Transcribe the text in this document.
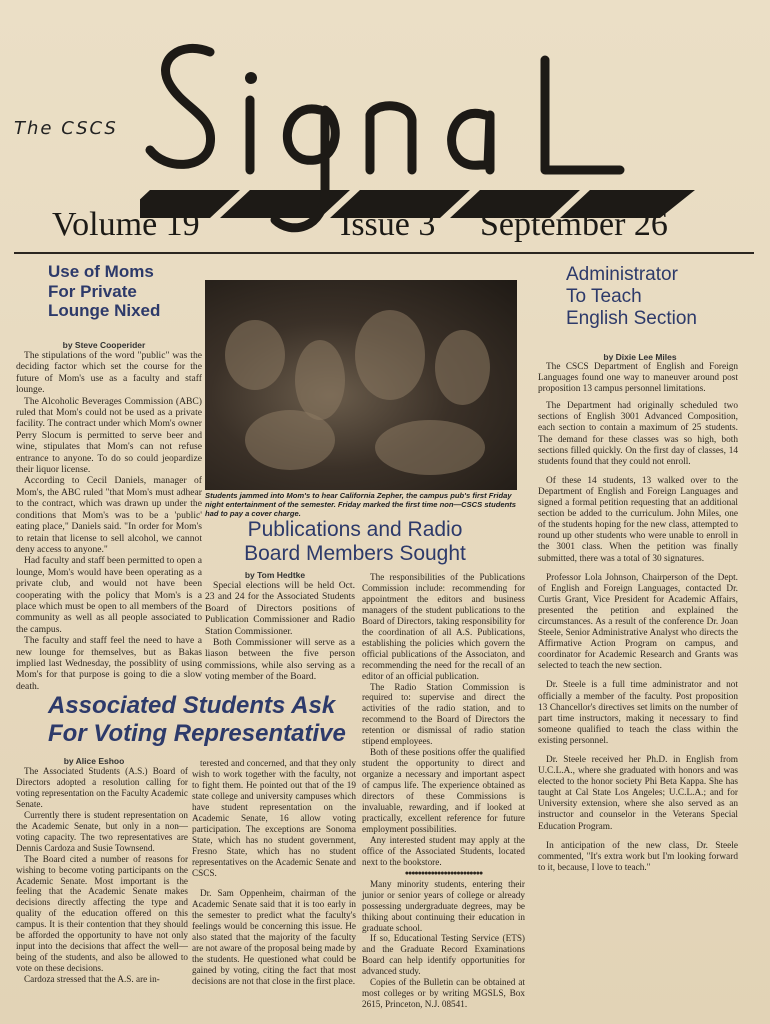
The CSCS
Volume 19	Issue 3 September 26
Use of Moms
For Private
Lounge Nixed
by Steve Cooperider

The stipulations of the word "public" was the deciding factor which set the course for the future of Mom's use as a faculty and staff lounge.

The Alcoholic Beverages Commission (ABC) ruled that Mom's could not be used as a private facility. The contract under which Mom's owner Perry Slocum is permitted to serve beer and wine, stipulates that Mom's can not refuse entrance to anyone. To do so could jeopardize their liquor license.

According to Cecil Daniels, manager of Mom's, the ABC ruled "that Mom's must adhear to the contract, which was drawn up under the conditions that Mom's was to be a 'public' eating place," Daniels said. "In order for Mom's to retain that license to sell alcohol, we cannot deny access to anyone."

Had faculty and staff been permitted to open a lounge, Mom's would have been operating as a private club, and would not have been cooperating with the policy that Mom's is a place which must be open to all members of the community as well as all people associated to the campus.

The faculty and staff feel the need to have a new lounge for themselves, but as Bakas implied last Wednesday, the possiblity of using Mom's for that purpose is going to die a slow death.

Students jammed into Mom's to hear California Zepher, the campus pub's first Friday night entertainment of the semester. Friday marked the first time non—CSCS students had to pay a cover charge.
Publications and Radio
Board Members Sought
by Tom Hedtke

Special elections will be held Oct. 23 and 24 for the Associated Students Board of Directors positions of Publication Commissioner and Radio Station Commissioner.

Both Commissioner will serve as a liason between the five person commissions, while also serving as a voting member of the Board.

The responsibilities of the Publications Commission include: recommending for appointment the editors and business managers of the student publications to the Board of Directors, taking responsibility for the coordination of all A.S. Publications, establishing the policies which govern the official publications of the Associaton, and recommending the need for the recall of an editor of an official publication.

The Radio Station Commission is required to: supervise and direct the activities of the radio station, and to recommend to the Board of Directors the retention or dismissal of radio station stipend employees.

Both of these positions offer the qualified student the opportunity to direct and organize a necessary and important aspect of campus life. The experience obtained as directors of these Commissions is invaluable, rewarding, and if looked at practically, excellent reference for future employment possibilities.

Any interested student may apply at the office of the Associated Students, located next to the bookstore.

●●●●●●●●●●●●●●●●●●●●●●●●

Many minority students, entering their junior or senior years of college or already possessing undergraduate degrees, may be thiking about continuing their education in graduate school.

If so, Educational Testing Service (ETS) and the Graduate Record Examinations Board can help identify opportunities for advanced study.

Copies of the Bulletin can be obtained at most colleges or by writing MGSLS, Box 2615, Princeton, N.J. 08541.

Associated Students Ask
For Voting Representative
by Alice Eshoo

The Associated Students (A.S.) Board of Directors adopted a resolution calling for voting representation on the Faculty Academic Senate.

Currently there is student representation on the Academic Senate, but only in a non—voting capacity. The two representatives are Dennis Cardoza and Susie Townsend.

The Board cited a number of reasons for wishing to become voting participants on the Academic Senate. Most important is the feeling that the Academic Senate makes decisions directly affecting the type and quality of the education offered on this campus. It is their contention that they should be afforded the opportunity to have not only input into the decisions that affect the well—being of the students, and also be allowed to vote on these decisions.

Cardoza stressed that the A.S. are in-

terested and concerned, and that they only wish to work together with the faculty, not to fight them. He pointed out that of the 19 state college and university campuses which have student representation on the Academic Senate, 16 allow voting participation. The exceptions are Sonoma State, which has no student government, Fresno State, which has no student representatives on the Academic Senate and CSCS.

Dr. Sam Oppenheim, chairman of the Academic Senate said that it is too early in the semester to predict what the faculty's feelings would be concerning this issue. He also stated that the majority of the faculty are not aware of the proposal being made by the students. He questioned what could be gained by voting, citing the fact that most decisions are not that close in the first place.

Administrator
To Teach
English Section
by Dixie Lee Miles

The CSCS Department of English and Foreign Languages found one way to maneuver around post proposition 13 campus personnel limitations.

The Department had originally scheduled two sections of English 3001 Advanced Composition, each section to contain a maximum of 25 students. The demand for these classes was so high, both sections filled quickly. On the first day of classes, 14 students found that they could not enroll.

Of these 14 students, 13 walked over to the Department of English and Foreign Languages and signed a formal petition requesting that an additional section be added to the curriculum. John Miles, one of the students hoping for the new class, attempted to round up other students who were unable to enroll in the 3001 class. When the petition was finally submitted, there was a total of 30 signatures.

Professor Lola Johnson, Chairperson of the Dept. of English and Foreign Languages, contacted Dr. Curtis Grant, Vice President for Academic Affairs, presented the petition and explained the circumstances. As a result of the conference Dr. Joan Steele, Senior Administrative Analyst who directs the Affirmative Action Program on campus, and coordinator for Academic Research and Grants was selected to teach the new section.

Dr. Steele is a full time administrator and not officially a member of the faculty. Post proposition 13 Chancellor's directives set limits on the number of part time instructors, making it necessary to find someone qualified to teach the class within the existing personnel.

Dr. Steele received her Ph.D. in English from U.C.L.A., where she graduated with honors and was elected to the honor society Phi Beta Kappa. She has taught at Cal State Los Angeles; U.C.L.A.; and for University extension, where she also served as an instructor and counselor in the Veterans Special Education Program.

In anticipation of the new class, Dr. Steele commented, "It's extra work but I'm looking forward to it, because, I love to teach."
